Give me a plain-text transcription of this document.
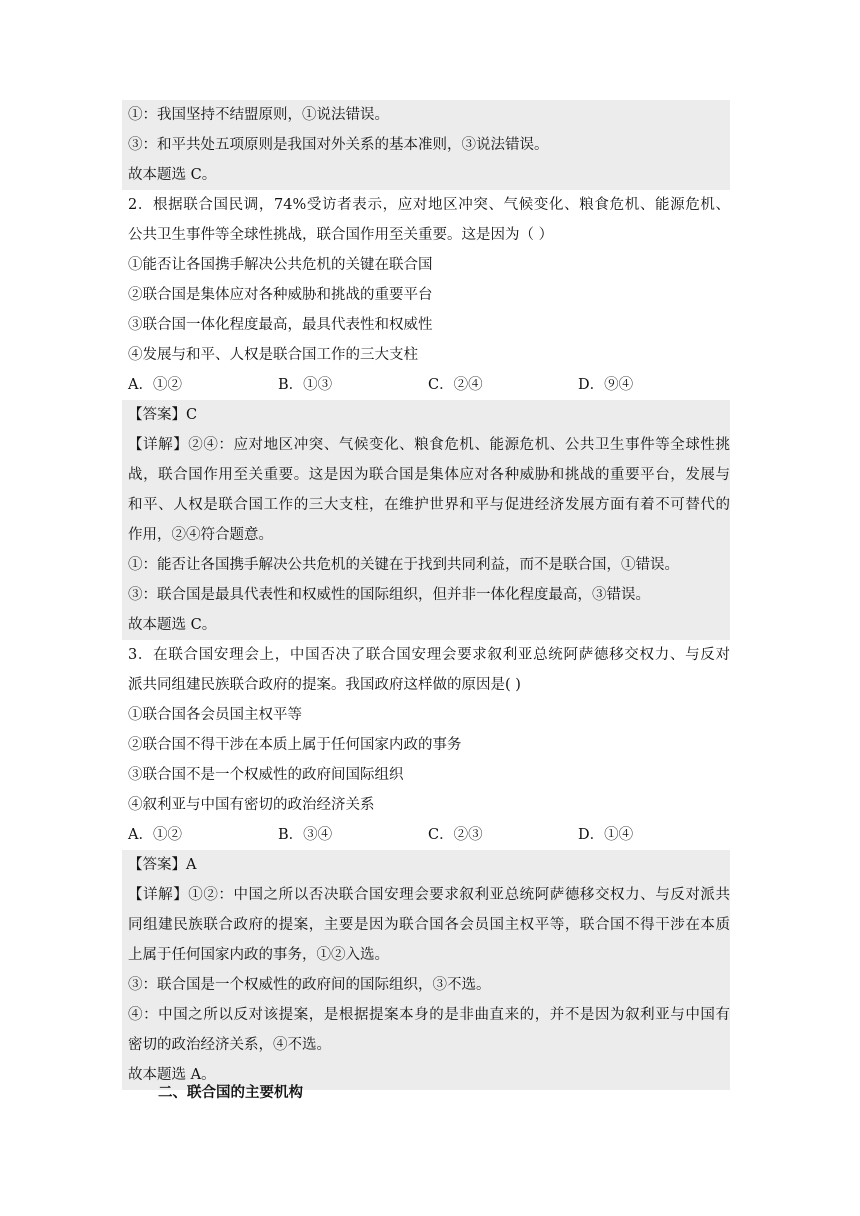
①：我国坚持不结盟原则，①说法错误。
③：和平共处五项原则是我国对外关系的基本准则，③说法错误。
故本题选 C。
2．根据联合国民调，74%受访者表示，应对地区冲突、气候变化、粮食危机、能源危机、
公共卫生事件等全球性挑战，联合国作用至关重要。这是因为（ ）
①能否让各国携手解决公共危机的关键在联合国
②联合国是集体应对各种威胁和挑战的重要平台
③联合国一体化程度最高，最具代表性和权威性
④发展与和平、人权是联合国工作的三大支柱
A．①②	B．①③	C．②④	D．⑨④
【答案】C
【详解】②④：应对地区冲突、气候变化、粮食危机、能源危机、公共卫生事件等全球性挑
战，联合国作用至关重要。这是因为联合国是集体应对各种威胁和挑战的重要平台，发展与
和平、人权是联合国工作的三大支柱，在维护世界和平与促进经济发展方面有着不可替代的
作用，②④符合题意。
①：能否让各国携手解决公共危机的关键在于找到共同利益，而不是联合国，①错误。
③：联合国是最具代表性和权威性的国际组织，但并非一体化程度最高，③错误。
故本题选 C。
3．在联合国安理会上，中国否决了联合国安理会要求叙利亚总统阿萨德移交权力、与反对
派共同组建民族联合政府的提案。我国政府这样做的原因是( )
①联合国各会员国主权平等
②联合国不得干涉在本质上属于任何国家内政的事务
③联合国不是一个权威性的政府间国际组织
④叙利亚与中国有密切的政治经济关系
A．①②	B．③④	C．②③	D．①④
【答案】A
【详解】①②：中国之所以否决联合国安理会要求叙利亚总统阿萨德移交权力、与反对派共
同组建民族联合政府的提案，主要是因为联合国各会员国主权平等，联合国不得干涉在本质
上属于任何国家内政的事务，①②入选。
③：联合国是一个权威性的政府间的国际组织，③不选。
④：中国之所以反对该提案，是根据提案本身的是非曲直来的，并不是因为叙利亚与中国有
密切的政治经济关系，④不选。
故本题选 A。
二、联合国的主要机构
